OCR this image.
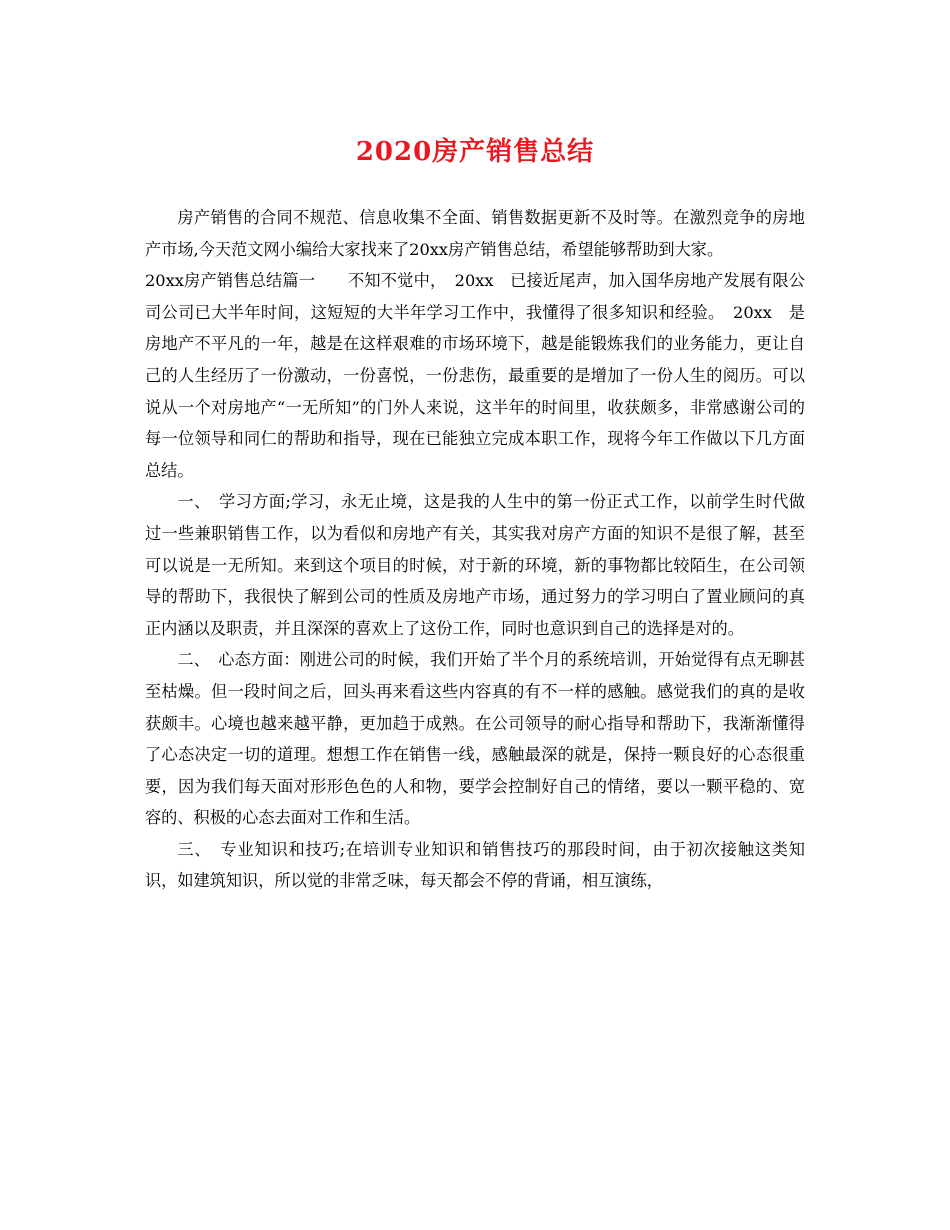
2020房产销售总结

房产销售的合同不规范、信息收集不全面、销售数据更新不及时等。在激烈竞争的房地产市场,今天范文网小编给大家找来了20xx房产销售总结，希望能够帮助到大家。

20xx房产销售总结篇一　　不知不觉中，　20xx　已接近尾声，加入国华房地产发展有限公司公司已大半年时间，这短短的大半年学习工作中，我懂得了很多知识和经验。　20xx　是房地产不平凡的一年，越是在这样艰难的市场环境下，越是能锻炼我们的业务能力，更让自己的人生经历了一份激动，一份喜悦，一份悲伤，最重要的是增加了一份人生的阅历。可以说从一个对房地产“一无所知”的门外人来说，这半年的时间里，收获颇多，非常感谢公司的每一位领导和同仁的帮助和指导，现在已能独立完成本职工作，现将今年工作做以下几方面总结。

一、　学习方面;学习，永无止境，这是我的人生中的第一份正式工作，以前学生时代做过一些兼职销售工作，以为看似和房地产有关，其实我对房产方面的知识不是很了解，甚至可以说是一无所知。来到这个项目的时候，对于新的环境，新的事物都比较陌生，在公司领导的帮助下，我很快了解到公司的性质及房地产市场，通过努力的学习明白了置业顾问的真正内涵以及职责，并且深深的喜欢上了这份工作，同时也意识到自己的选择是对的。

二、　心态方面：刚进公司的时候，我们开始了半个月的系统培训，开始觉得有点无聊甚至枯燥。但一段时间之后，回头再来看这些内容真的有不一样的感触。感觉我们的真的是收获颇丰。心境也越来越平静，更加趋于成熟。在公司领导的耐心指导和帮助下，我渐渐懂得了心态决定一切的道理。想想工作在销售一线，感触最深的就是，保持一颗良好的心态很重要，因为我们每天面对形形色色的人和物，要学会控制好自己的情绪，要以一颗平稳的、宽容的、积极的心态去面对工作和生活。

三、　专业知识和技巧;在培训专业知识和销售技巧的那段时间，由于初次接触这类知识，如建筑知识，所以觉的非常乏味，每天都会不停的背诵，相互演练，
